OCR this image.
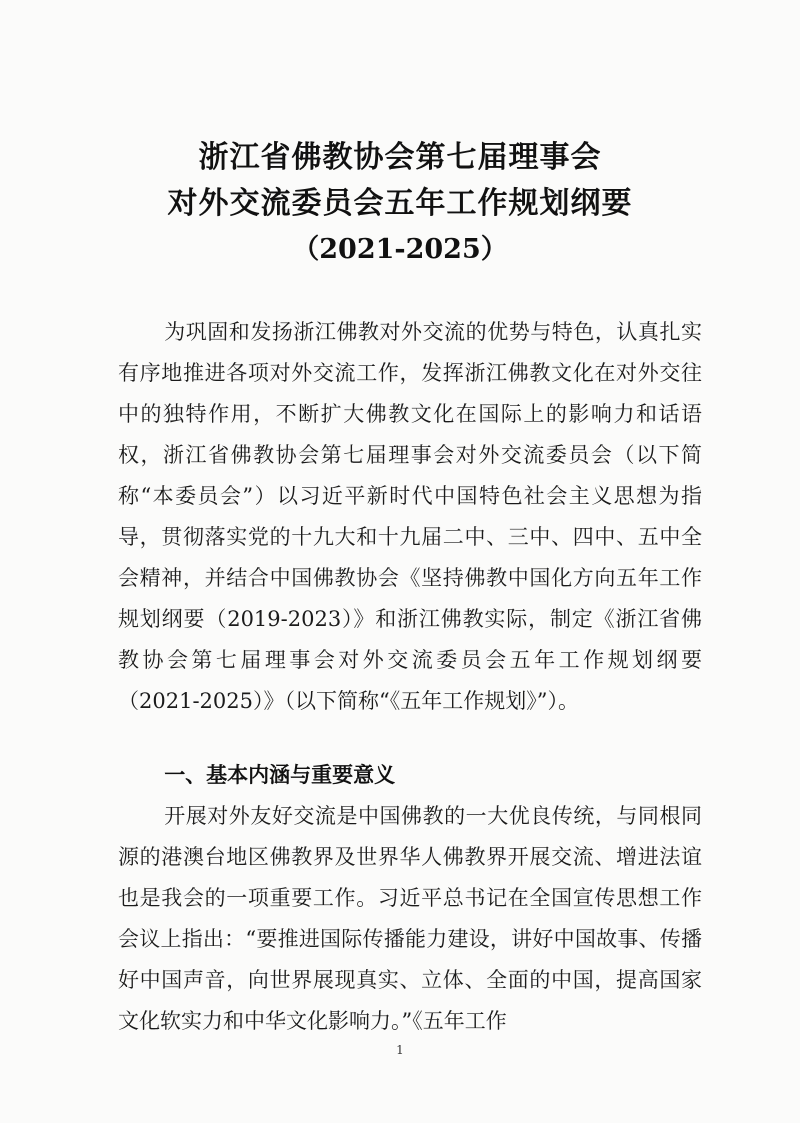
浙江省佛教协会第七届理事会
对外交流委员会五年工作规划纲要
（2021-2025）

为巩固和发扬浙江佛教对外交流的优势与特色，认真扎实有序地推进各项对外交流工作，发挥浙江佛教文化在对外交往中的独特作用，不断扩大佛教文化在国际上的影响力和话语权，浙江省佛教协会第七届理事会对外交流委员会（以下简称“本委员会”）以习近平新时代中国特色社会主义思想为指导，贯彻落实党的十九大和十九届二中、三中、四中、五中全会精神，并结合中国佛教协会《坚持佛教中国化方向五年工作规划纲要（2019-2023）》和浙江佛教实际，制定《浙江省佛教协会第七届理事会对外交流委员会五年工作规划纲要（2021-2025）》（以下简称“《五年工作规划》”）。

一、基本内涵与重要意义

开展对外友好交流是中国佛教的一大优良传统，与同根同源的港澳台地区佛教界及世界华人佛教界开展交流、增进法谊也是我会的一项重要工作。习近平总书记在全国宣传思想工作会议上指出：“要推进国际传播能力建设，讲好中国故事、传播好中国声音，向世界展现真实、立体、全面的中国，提高国家文化软实力和中华文化影响力。”《五年工作

1
